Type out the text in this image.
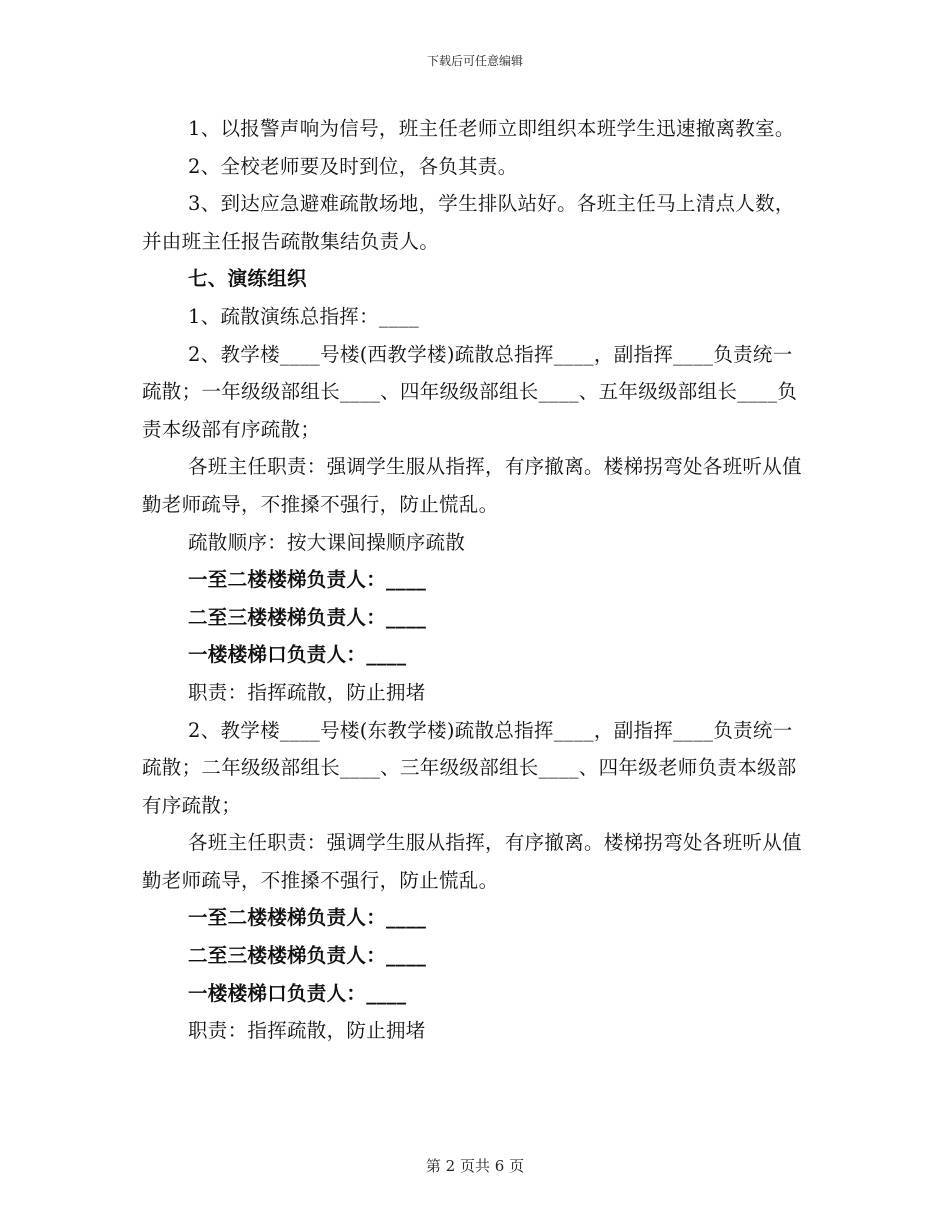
下载后可任意编辑

1、以报警声响为信号，班主任老师立即组织本班学生迅速撤离教室。

2、全校老师要及时到位，各负其责。

3、到达应急避难疏散场地，学生排队站好。各班主任马上清点人数，并由班主任报告疏散集结负责人。

七、演练组织

1、疏散演练总指挥：____

2、教学楼____号楼(西教学楼)疏散总指挥____，副指挥____负责统一疏散；一年级级部组长____、四年级级部组长____、五年级级部组长____负责本级部有序疏散；

各班主任职责：强调学生服从指挥，有序撤离。楼梯拐弯处各班听从值勤老师疏导，不推搡不强行，防止慌乱。

疏散顺序：按大课间操顺序疏散

一至二楼楼梯负责人：____

二至三楼楼梯负责人：____

一楼楼梯口负责人：____

职责：指挥疏散，防止拥堵

2、教学楼____号楼(东教学楼)疏散总指挥____，副指挥____负责统一疏散；二年级级部组长____、三年级级部组长____、四年级老师负责本级部有序疏散；

各班主任职责：强调学生服从指挥，有序撤离。楼梯拐弯处各班听从值勤老师疏导，不推搡不强行，防止慌乱。

一至二楼楼梯负责人：____

二至三楼楼梯负责人：____

一楼楼梯口负责人：____

职责：指挥疏散，防止拥堵

第 2 页共 6 页
